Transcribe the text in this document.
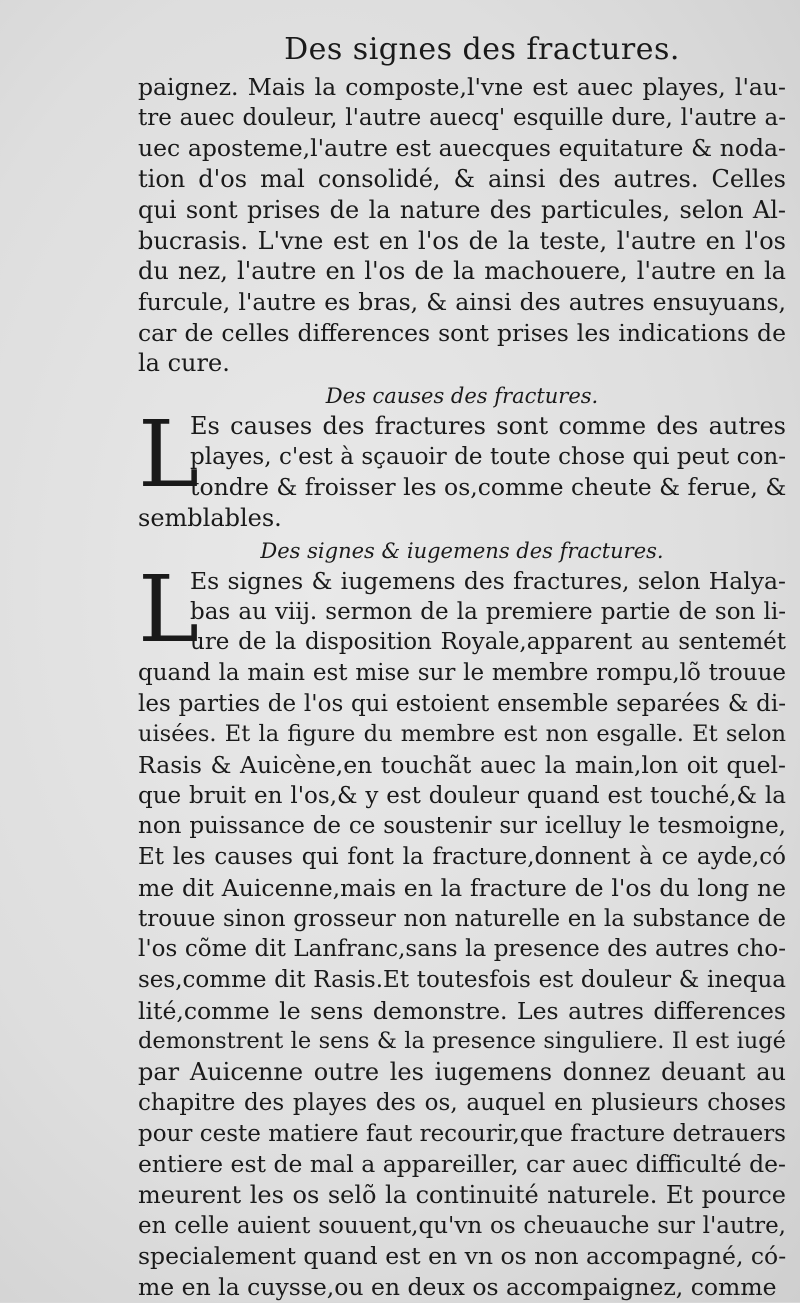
Des signes des fractures.
paignez. Mais la composte,l'vne est auec playes, l'au-
tre auec douleur, l'autre auecq' esquille dure, l'autre a-
uec aposteme,l'autre est auecques equitature & noda-
tion d'os mal consolidé, & ainsi des autres. Celles
qui sont prises de la nature des particules, selon Al-
bucrasis. L'vne est en l'os de la teste, l'autre en l'os
du nez, l'autre en l'os de la machouere, l'autre en la
furcule, l'autre es bras, & ainsi des autres ensuyuans,
car de celles differences sont prises les indications de
la cure.
Des causes des fractures.
L
Es causes des fractures sont comme des autres
playes, c'est à sçauoir de toute chose qui peut con-
tondre & froisser les os,comme cheute & ferue, &
semblables.
Des signes & iugemens des fractures.
L
Es signes & iugemens des fractures, selon Halya-
bas au viij. sermon de la premiere partie de son li-
ure de la disposition Royale,apparent au sentemét
quand la main est mise sur le membre rompu,lõ trouue
les parties de l'os qui estoient ensemble separées & di-
uisées. Et la figure du membre est non esgalle. Et selon
Rasis & Auicène,en touchãt auec la main,lon oit quel-
que bruit en l'os,& y est douleur quand est touché,& la
non puissance de ce soustenir sur icelluy le tesmoigne,
Et les causes qui font la fracture,donnent à ce ayde,có
me dit Auicenne,mais en la fracture de l'os du long ne
trouue sinon grosseur non naturelle en la substance de
l'os cõme dit Lanfranc,sans la presence des autres cho-
ses,comme dit Rasis.Et toutesfois est douleur & inequa
lité,comme le sens demonstre. Les autres differences
demonstrent le sens & la presence singuliere. Il est iugé
par Auicenne outre les iugemens donnez deuant au
chapitre des playes des os, auquel en plusieurs choses
pour ceste matiere faut recourir,que fracture detrauers
entiere est de mal a appareiller, car auec difficulté de-
meurent les os selõ la continuité naturele. Et pource
en celle auient souuent,qu'vn os cheuauche sur l'autre,
specialement quand est en vn os non accompagné, có-
me en la cuysse,ou en deux os accompaignez, comme
